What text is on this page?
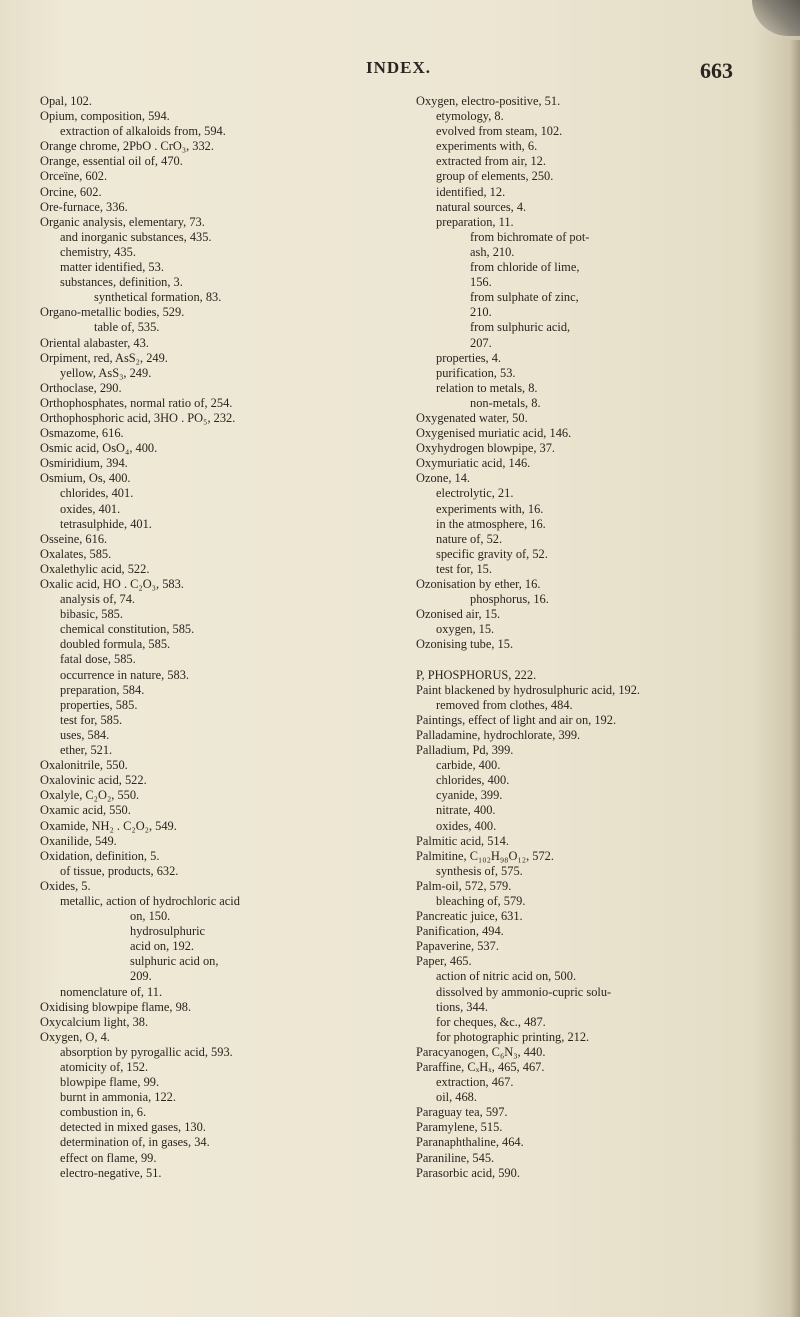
INDEX.	663
Opal, 102.
Opium, composition, 594.
extraction of alkaloids from, 594.
Orange chrome, 2PbO . CrO₃, 332.
Orange, essential oil of, 470.
Orceïne, 602.
Orcine, 602.
Ore-furnace, 336.
Organic analysis, elementary, 73.
and inorganic substances, 435.
chemistry, 435.
matter identified, 53.
substances, definition, 3.
synthetical formation, 83.
Organo-metallic bodies, 529.
table of, 535.
Oriental alabaster, 43.
Orpiment, red, AsS₂, 249.
yellow, AsS₃, 249.
Orthoclase, 290.
Orthophosphates, normal ratio of, 254.
Orthophosphoric acid, 3HO . PO₅, 232.
Osmazome, 616.
Osmic acid, OsO₄, 400.
Osmiridium, 394.
Osmium, Os, 400.
chlorides, 401.
oxides, 401.
tetrasulphide, 401.
Osseine, 616.
Oxalates, 585.
Oxalethylic acid, 522.
Oxalic acid, HO . C₂O₃, 583.
analysis of, 74.
bibasic, 585.
chemical constitution, 585.
doubled formula, 585.
fatal dose, 585.
occurrence in nature, 583.
preparation, 584.
properties, 585.
test for, 585.
uses, 584.
ether, 521.
Oxalonitrile, 550.
Oxalovinic acid, 522.
Oxalyle, C₂O₂, 550.
Oxamic acid, 550.
Oxamide, NH₂ . C₂O₂, 549.
Oxanilide, 549.
Oxidation, definition, 5.
of tissue, products, 632.
Oxides, 5.
metallic, action of hydrochloric acid
on, 150.
hydrosulphuric
acid on, 192.
sulphuric acid on,
209.
nomenclature of, 11.
Oxidising blowpipe flame, 98.
Oxycalcium light, 38.
Oxygen, O, 4.
absorption by pyrogallic acid, 593.
atomicity of, 152.
blowpipe flame, 99.
burnt in ammonia, 122.
combustion in, 6.
detected in mixed gases, 130.
determination of, in gases, 34.
effect on flame, 99.
electro-negative, 51.
Oxygen, electro-positive, 51.
etymology, 8.
evolved from steam, 102.
experiments with, 6.
extracted from air, 12.
group of elements, 250.
identified, 12.
natural sources, 4.
preparation, 11.
from bichromate of pot-
ash, 210.
from chloride of lime,
156.
from sulphate of zinc,
210.
from sulphuric acid,
207.
properties, 4.
purification, 53.
relation to metals, 8.
non-metals, 8.
Oxygenated water, 50.
Oxygenised muriatic acid, 146.
Oxyhydrogen blowpipe, 37.
Oxymuriatic acid, 146.
Ozone, 14.
electrolytic, 21.
experiments with, 16.
in the atmosphere, 16.
nature of, 52.
specific gravity of, 52.
test for, 15.
Ozonisation by ether, 16.
phosphorus, 16.
Ozonised air, 15.
oxygen, 15.
Ozonising tube, 15.

P, PHOSPHORUS, 222.
Paint blackened by hydrosulphuric acid, 192.
removed from clothes, 484.
Paintings, effect of light and air on, 192.
Palladamine, hydrochlorate, 399.
Palladium, Pd, 399.
carbide, 400.
chlorides, 400.
cyanide, 399.
nitrate, 400.
oxides, 400.
Palmitic acid, 514.
Palmitine, C₁₀₂H₉₈O₁₂, 572.
synthesis of, 575.
Palm-oil, 572, 579.
bleaching of, 579.
Pancreatic juice, 631.
Panification, 494.
Papaverine, 537.
Paper, 465.
action of nitric acid on, 500.
dissolved by ammonio-cupric solu-
tions, 344.
for cheques, &c., 487.
for photographic printing, 212.
Paracyanogen, C₆N₃, 440.
Paraffine, CₓHₓ, 465, 467.
extraction, 467.
oil, 468.
Paraguay tea, 597.
Paramylene, 515.
Paranaphthaline, 464.
Paraniline, 545.
Parasorbic acid, 590.
